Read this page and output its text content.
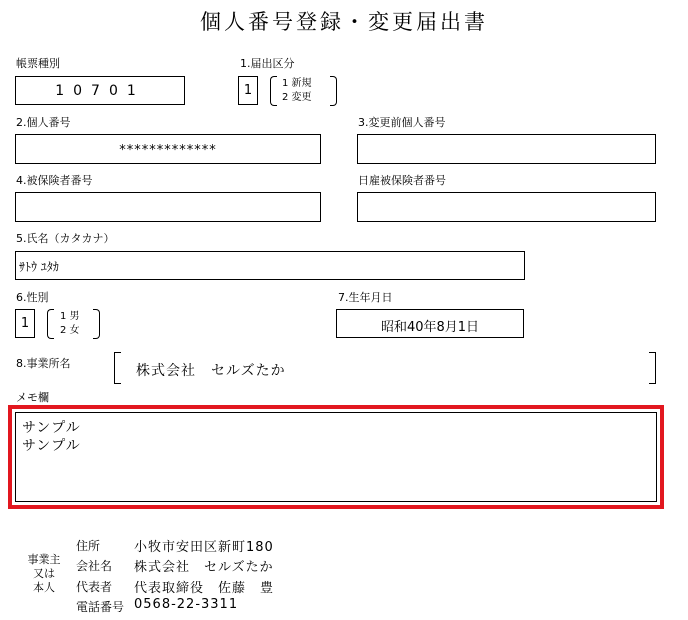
個人番号登録・変更届出書
帳票種別
10701
1.届出区分
1	1 新規
2 変更
2.個人番号
*************
3.変更前個人番号
4.被保険者番号	日雇被保険者番号
5.氏名（カタカナ）
ｻﾄｳ ﾕﾀｶ
6.性別
1	1 男
2 女
7.生年月日
昭和40年8月1日
8.事業所名	株式会社　セルズたか
メモ欄
サンプル
サンプル
事業主
又は
本人
住所	小牧市安田区新町180
会社名 株式会社　セルズたか
代表者 代表取締役　佐藤　豊
電話番号 0568-22-3311
